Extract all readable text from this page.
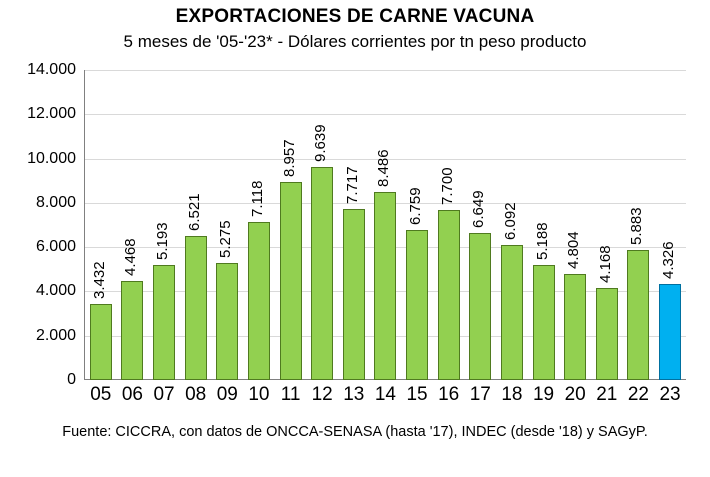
EXPORTACIONES DE CARNE VACUNA
5 meses de '05-'23* - Dólares corrientes por tn peso producto
0
2.000
4.000
6.000
8.000
10.000
12.000
14.000
3.432
4.468 5.193
6.521
5.275
7.118
8.957 9.639
7.717 8.486
6.759
7.700
6.649 6.092
5.188 4.804 4.168
5.883
4.326
05 06 07 08 09 10 11 12 13 14 15 16 17 18 19 20 21 22 23
Fuente: CICCRA, con datos de ONCCA-SENASA (hasta '17), INDEC (desde '18) y SAGyP.
